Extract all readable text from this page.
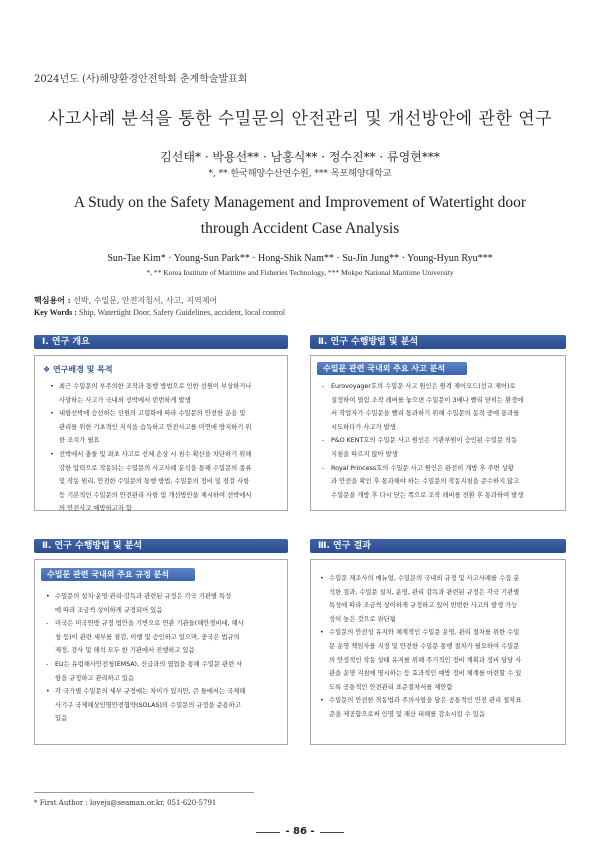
2024년도 (사)해양환경안전학회 춘계학술발표회
사고사례 분석을 통한 수밀문의 안전관리 및 개선방안에 관한 연구
김선태* · 박용선** · 남홍식** · 정수진** · 류영현***
*, ** 한국해양수산연수원, *** 목포해양대학교
A Study on the Safety Management and Improvement of Watertight door
through Accident Case Analysis
Sun-Tae Kim* · Young-Sun Park** · Hong-Shik Nam** · Su-Jin Jung** · Young-Hyun Ryu***
*, ** Korea Institute of Maritime and Fisheries Technology, *** Mokpo National Maritime University
핵심용어 : 선박, 수밀문, 안전지침서, 사고, 지역제어
Key Words : Ship, Watertight Door, Safety Guidelines, accident, local control
Ⅰ. 연구 개요
❖ 연구배경 및 목적
• 최근 수밀문의 부주의한 조작과 통행 방법으로 인한 선원이 부상하거나
사망하는 사고가 국내외 선박에서 빈번하게 발생
• 내항선박에 승선하는 선원의 고령화에 따라 수밀문의 안전한 운용 및
관리를 위한 기초적인 지식을 습득하고 안전사고를 미연에 방지하기 위
한 조치가 필요
• 선박에서 충돌 및 좌초 사고로 선체 손상 시 침수 확산을 차단하기 위해
강한 압력으로 작동되는 수밀문의 사고사례 분석을 통해 수밀문의 종류
및 작동 원리, 안전한 수밀문의 통행 방법, 수밀문의 정비 및 점검 사항
등 기본적인 수밀문의 안전관리 사항 및 개선방안을 제시하여 선박에서
의 안전사고 예방하고자 함
Ⅱ. 연구 수행방법 및 분석
수밀문 관련 국내외 주요 사고 분석
- Eurovoyager호의 수밀문 사고 원인은 원격 제어모드(선교 제어)로
설정하여 열림 조작 레버를 놓으면 수밀문이 3배나 빨리 닫히는 환경에
서 작업자가 수밀문을 빨리 통과하기 위해 수밀문의 동작 중에 통과를
시도하다가 사고가 발생
- P&O KENT호의 수밀문 사고 원인은 기관부원이 승인된 수밀문 작동
지침을 따르지 않아 발생
- Royal Princess호의 수밀문 사고 원인은 완전히 개방 후 주변 상황
과 안전을 확인 후 통과해야 하는 수밀문의 작동지침을 준수하지 않고
수밀문을 개방 후 다시 닫는 쪽으로 조작 레버를 전환 후 통과하여 발생
Ⅱ. 연구 수행방법 및 분석
수밀문 관련 국내외 주요 규정 분석
• 수밀문의 설치·운영·관리·감독과 관련된 규정은 각국 기관별 특성
에 따라 조금씩 상이하게 규정되어 있음
- 미국은 미국연방 규정 법안을 기반으로 연관 기관들(해안경비대, 해사
청 등)이 관련 세부를 점검, 이행 및 승인하고 있으며, 중국은 법규의
제정, 검사 및 해석 모두 한 기관에서 진행하고 있음
- EU는 유럽해사안전청(EMSA), 선급과의 협업을 통해 수밀문 관련 사
항을 규정하고 관리하고 있음
• 각 국가별 수밀문의 세부 규정에는 차이가 있지만, 큰 틀에서는 국제해
사기구 국제해상인명안전협약(SOLAS)의 수밀문의 규정을 준용하고
있음
Ⅲ. 연구 결과
• 수밀문 제조사의 매뉴얼, 수밀문의 국내외 규정 및 사고사례를 수집 분
석한 결과, 수밀문 설치, 운영, 관리 감독과 관련된 규정은 각국 기관별
특성에 따라 조금씩 상이하게 규정하고 있어 빈번한 사고의 발생 가능
성이 높은 것으로 판단됨
• 수밀문의 안전성 유지와 체계적인 수밀문 운영, 관리 절차를 위한 수밀
문 운영 책임자를 지정 및 안전한 수밀문 통행 절차가 필요하여 수밀문
의 안정적인 작동 상태 유지를 위해 주기적인 정비 계획과 정비 담당 사
관을 운영 지침에 명시하는 등 효과적인 예방 정비 체계를 마련할 수 있
도록 공통적인 안전관리 표준절차서를 제안함
• 수밀문의 안전한 작동법과 주의사항을 담은 공통적인 안전 관리 절차표
준을 제공함으로써 인명 및 재산 피해를 감소시킬 수 있음
* First Author : lovejs@seaman.or.kr, 051-620-5791
- 86 -
